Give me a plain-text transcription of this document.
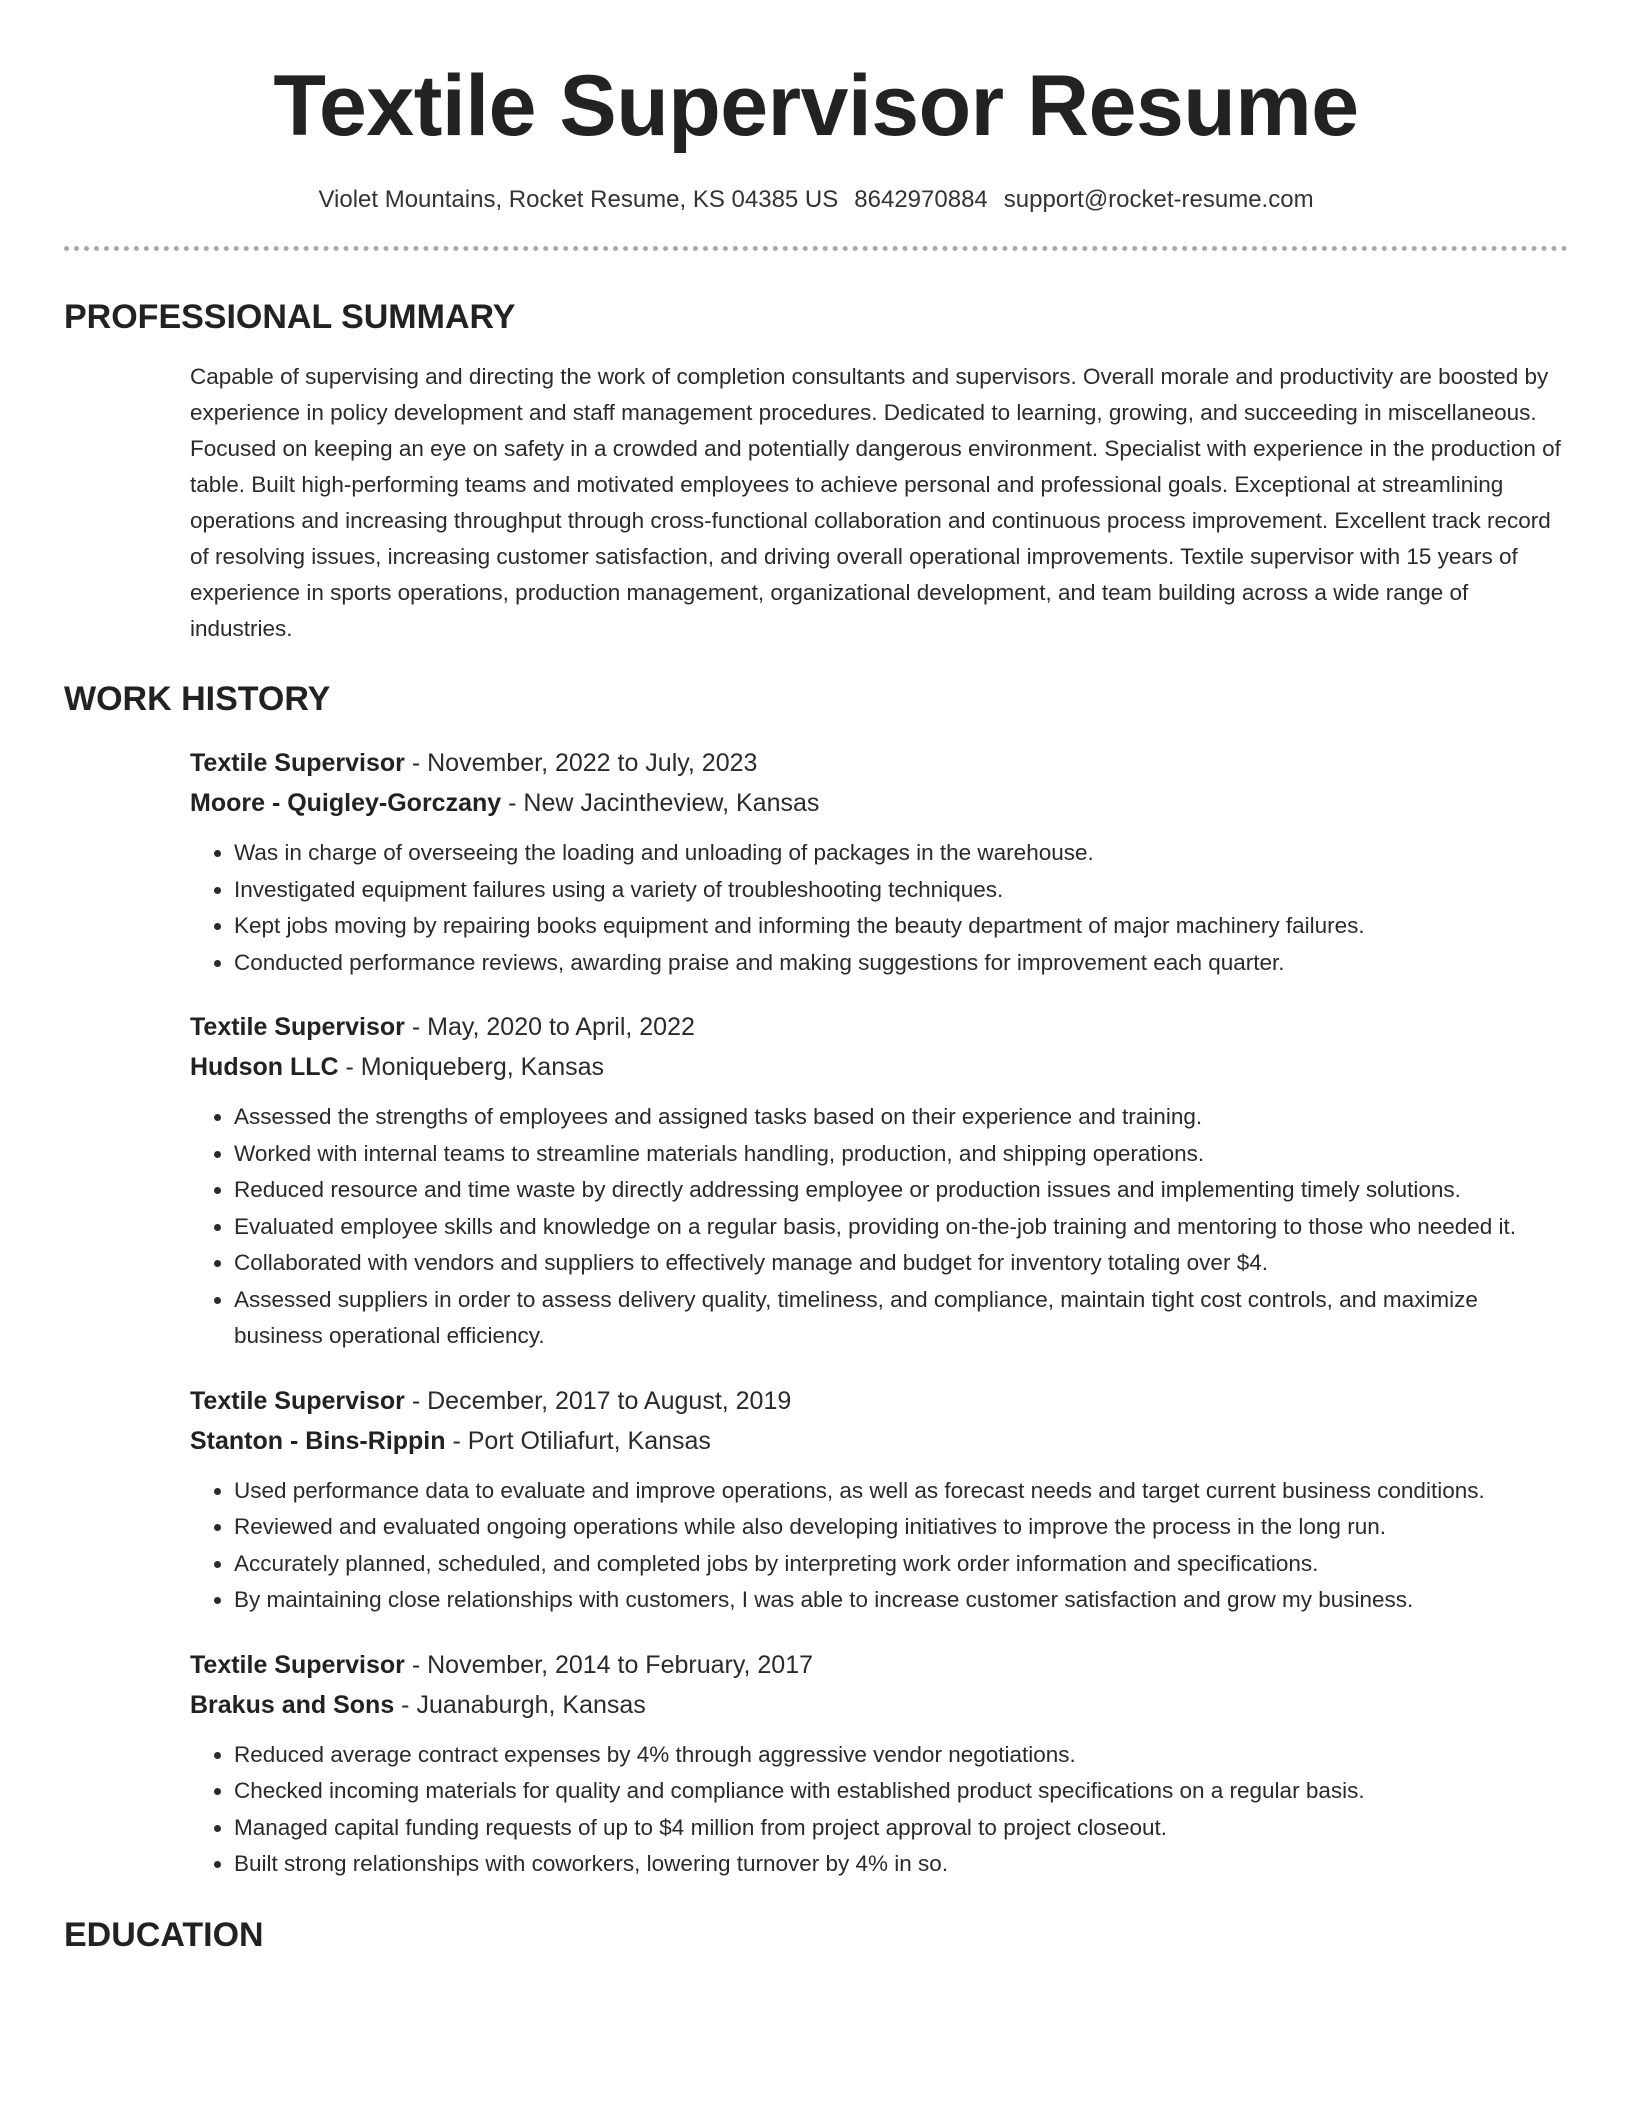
Textile Supervisor Resume
Violet Mountains, Rocket Resume, KS 04385 US 8642970884 support@rocket-resume.com
PROFESSIONAL SUMMARY

Capable of supervising and directing the work of completion consultants and supervisors. Overall morale and productivity are boosted by experience in policy development and staff management procedures. Dedicated to learning, growing, and succeeding in miscellaneous. Focused on keeping an eye on safety in a crowded and potentially dangerous environment. Specialist with experience in the production of table. Built high-performing teams and motivated employees to achieve personal and professional goals. Exceptional at streamlining operations and increasing throughput through cross-functional collaboration and continuous process improvement. Excellent track record of resolving issues, increasing customer satisfaction, and driving overall operational improvements. Textile supervisor with 15 years of experience in sports operations, production management, organizational development, and team building across a wide range of industries.

WORK HISTORY
Textile Supervisor - November, 2022 to July, 2023
Moore - Quigley-Gorczany - New Jacintheview, Kansas
• Was in charge of overseeing the loading and unloading of packages in the warehouse.
• Investigated equipment failures using a variety of troubleshooting techniques.
• Kept jobs moving by repairing books equipment and informing the beauty department of major machinery failures.
• Conducted performance reviews, awarding praise and making suggestions for improvement each quarter.
Textile Supervisor - May, 2020 to April, 2022
Hudson LLC - Moniqueberg, Kansas
• Assessed the strengths of employees and assigned tasks based on their experience and training.
• Worked with internal teams to streamline materials handling, production, and shipping operations.
• Reduced resource and time waste by directly addressing employee or production issues and implementing timely solutions.
• Evaluated employee skills and knowledge on a regular basis, providing on-the-job training and mentoring to those who needed it.
• Collaborated with vendors and suppliers to effectively manage and budget for inventory totaling over $4.
• Assessed suppliers in order to assess delivery quality, timeliness, and compliance, maintain tight cost controls, and maximize business operational efficiency.
Textile Supervisor - December, 2017 to August, 2019
Stanton - Bins-Rippin - Port Otiliafurt, Kansas
• Used performance data to evaluate and improve operations, as well as forecast needs and target current business conditions.
• Reviewed and evaluated ongoing operations while also developing initiatives to improve the process in the long run.
• Accurately planned, scheduled, and completed jobs by interpreting work order information and specifications.
• By maintaining close relationships with customers, I was able to increase customer satisfaction and grow my business.
Textile Supervisor - November, 2014 to February, 2017
Brakus and Sons - Juanaburgh, Kansas
• Reduced average contract expenses by 4% through aggressive vendor negotiations.
• Checked incoming materials for quality and compliance with established product specifications on a regular basis.
• Managed capital funding requests of up to $4 million from project approval to project closeout.
• Built strong relationships with coworkers, lowering turnover by 4% in so.
EDUCATION
